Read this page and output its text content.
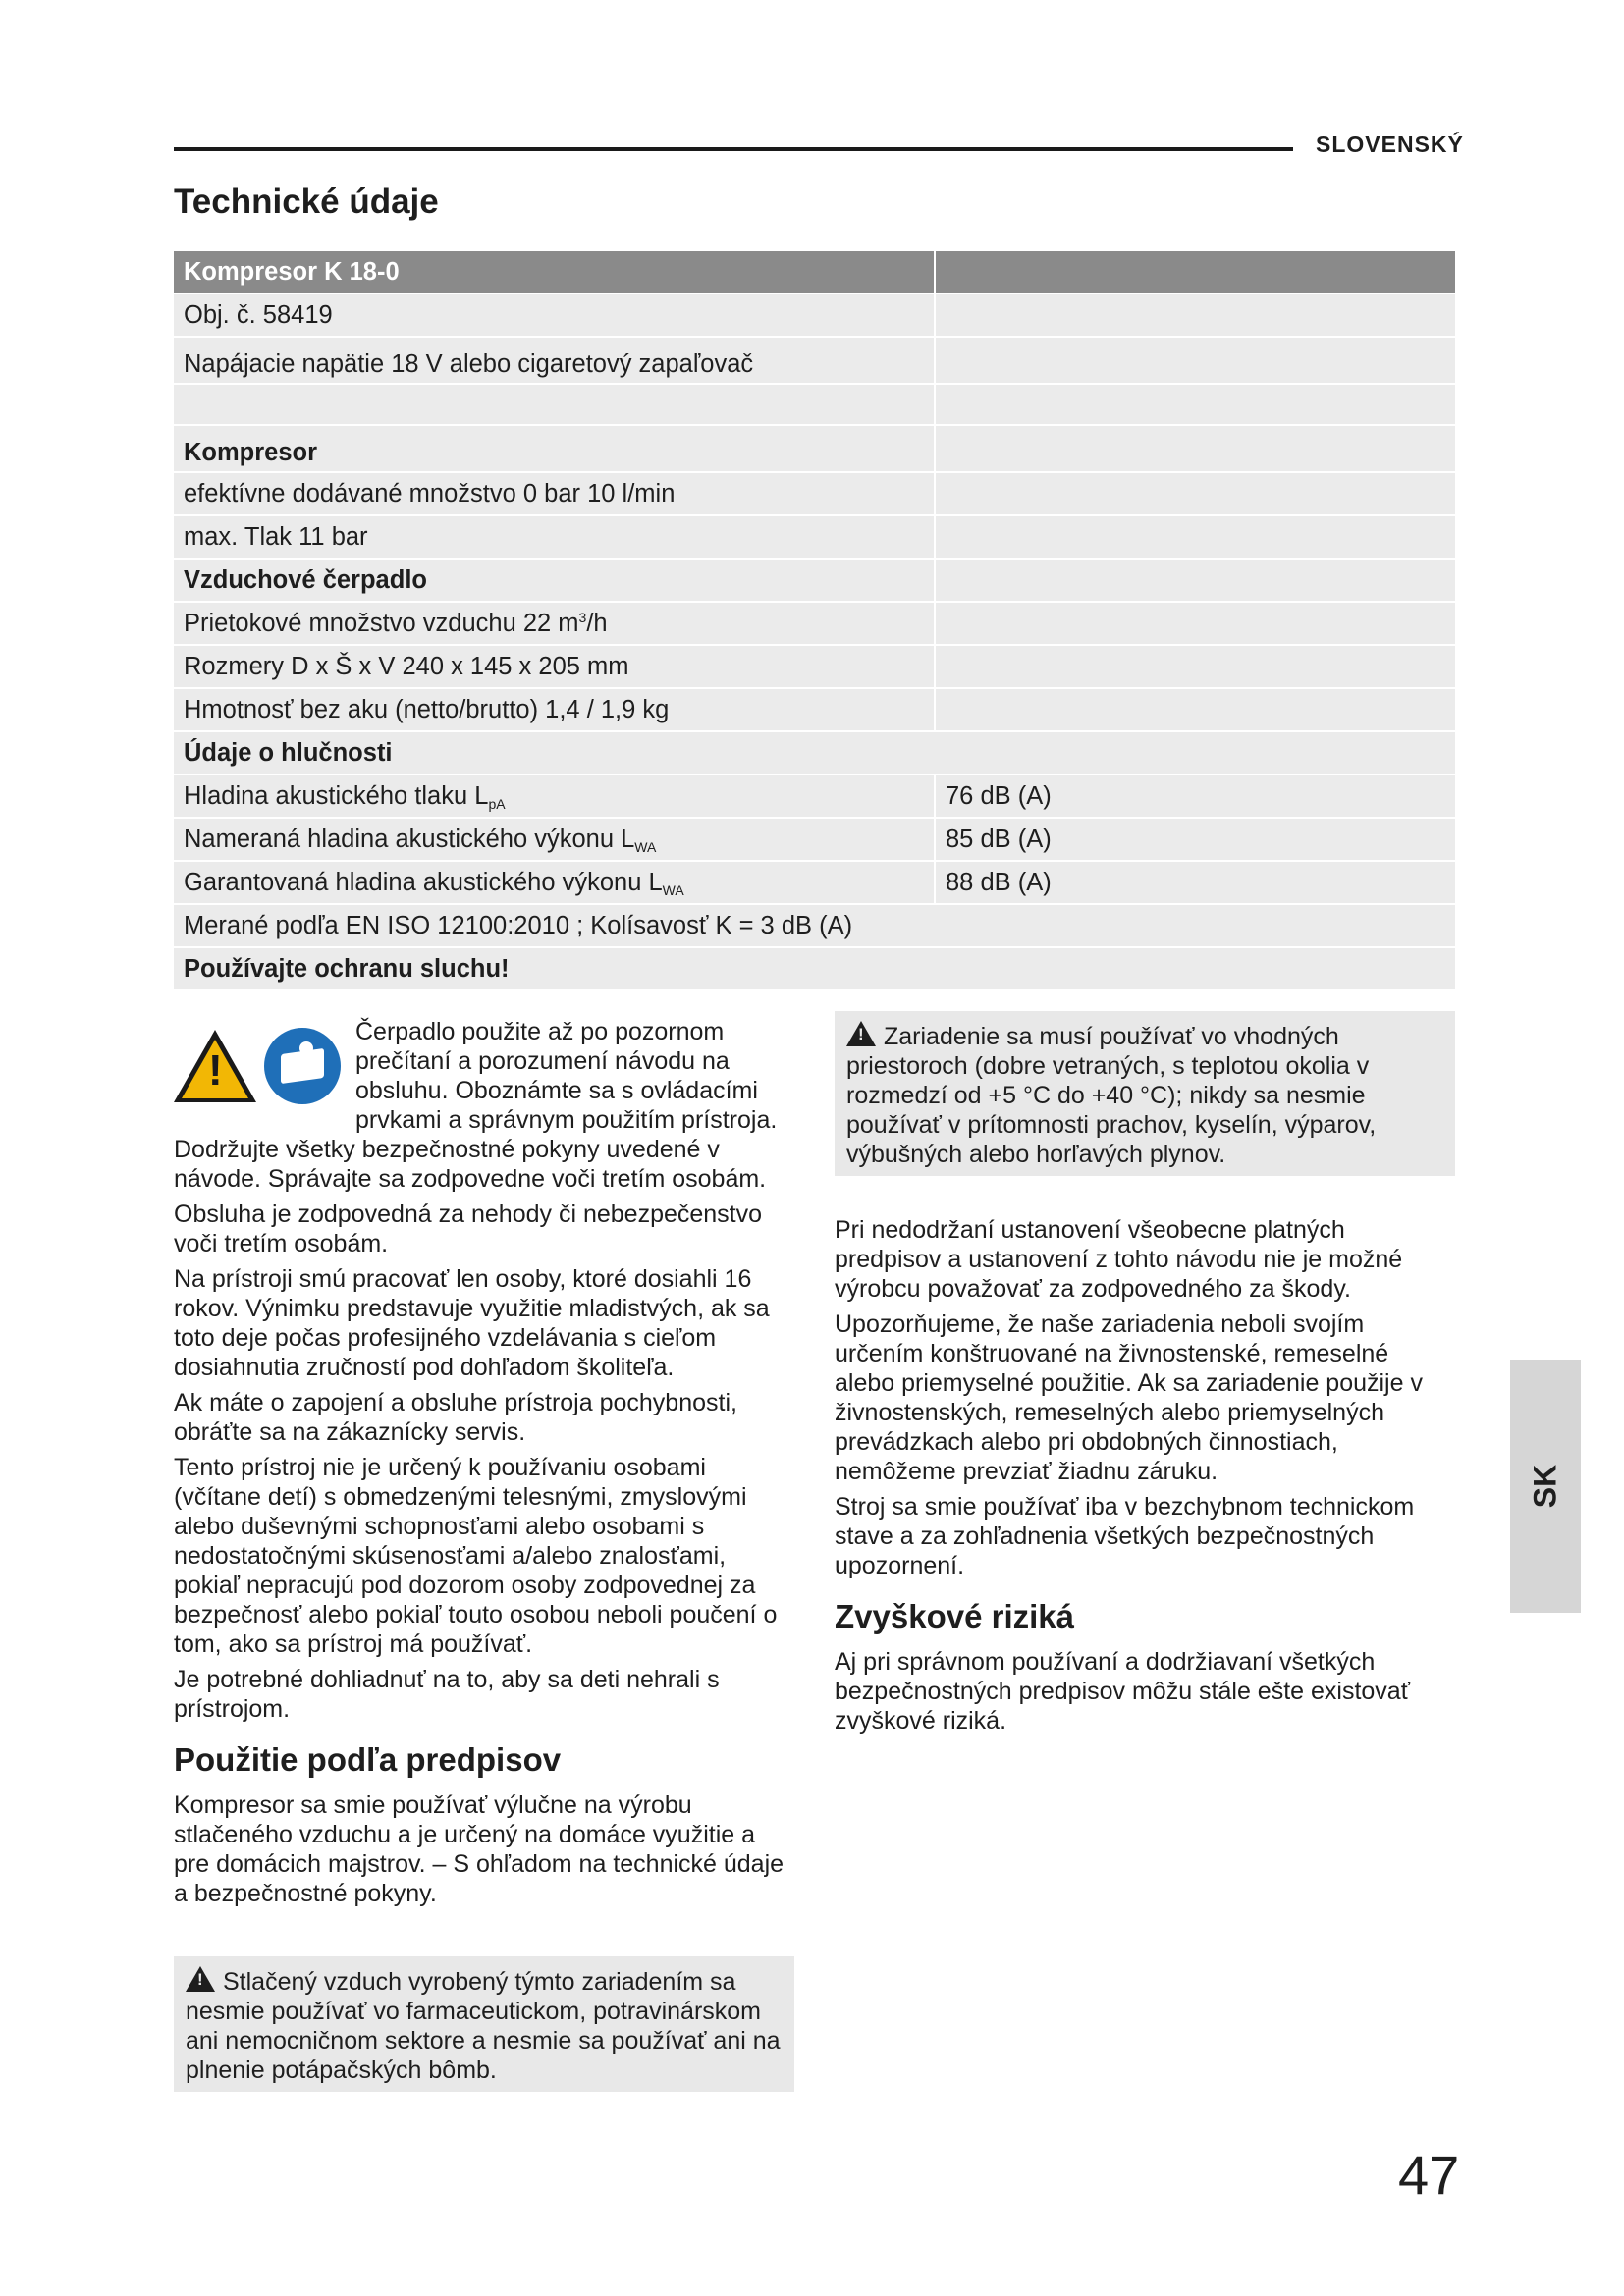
SLOVENSKÝ
Technické údaje
Kompresor K 18-0
Obj. č. 58419
Napájacie napätie 18 V alebo cigaretový zapaľovač
Kompresor
efektívne dodávané množstvo 0 bar 10 l/min
max. Tlak 11 bar
Vzduchové čerpadlo
Prietokové množstvo vzduchu 22 $m^3/h$
Rozmery D x Š x V 240 x 145 x 205 mm
Hmotnosť bez aku (netto/brutto) 1,4 / 1,9 kg
Údaje o hlučnosti
Hladina akustického tlaku $L_{pA}$	76 dB (A)
Nameraná hladina akustického výkonu $L_{WA}$	85 dB (A)
Garantovaná hladina akustického výkonu $L_{WA}$	88 dB (A)
Merané podľa EN ISO 12100:2010 ; Kolísavosť K = 3 dB (A)
Používajte ochranu sluchu!
!

Čerpadlo použite až po pozornom prečítaní a porozumení návodu na obsluhu. Oboznámte sa s ovládacími prvkami a správnym použitím prístroja. Dodržujte všetky bezpečnostné pokyny uvedené v návode. Správajte sa zodpovedne voči tretím osobám.

Obsluha je zodpovedná za nehody či nebezpečenstvo voči tretím osobám.

Na prístroji smú pracovať len osoby, ktoré dosiahli 16 rokov. Výnimku predstavuje využitie mladistvých, ak sa toto deje počas profesijného vzdelávania s cieľom dosiahnutia zručností pod dohľadom školiteľa.

Ak máte o zapojení a obsluhe prístroja pochybnosti, obráťte sa na zákaznícky servis.

Tento prístroj nie je určený k používaniu osobami (včítane detí) s obmedzenými telesnými, zmyslovými alebo duševnými schopnosťami alebo osobami s nedostatočnými skúsenosťami a/alebo znalosťami, pokiaľ nepracujú pod dozorom osoby zodpovednej za bezpečnosť alebo pokiaľ touto osobou neboli poučení o tom, ako sa prístroj má používať.

Je potrebné dohliadnuť na to, aby sa deti nehrali s prístrojom.

Použitie podľa predpisov

Kompresor sa smie používať výlučne na výrobu stlačeného vzduchu a je určený na domáce využitie a pre domácich majstrov. – S ohľadom na technické údaje a bezpečnostné pokyny.

!Stlačený vzduch vyrobený týmto zariadením sa nesmie používať vo farmaceutickom, potravinárskom ani nemocničnom sektore a nesmie sa používať ani na plnenie potápačských bômb.
!Zariadenie sa musí používať vo vhodných priestoroch (dobre vetraných, s teplotou okolia v rozmedzí od +5 °C do +40 °C); nikdy sa nesmie používať v prítomnosti prachov, kyselín, výparov, výbušných alebo horľavých plynov.

Pri nedodržaní ustanovení všeobecne platných predpisov a ustanovení z tohto návodu nie je možné výrobcu považovať za zodpovedného za škody.

Upozorňujeme, že naše zariadenia neboli svojím určením konštruované na živnostenské, remeselné alebo priemyselné použitie. Ak sa zariadenie použije v živnostenských, remeselných alebo priemyselných prevádzkach alebo pri obdobných činnostiach, nemôžeme prevziať žiadnu záruku.

Stroj sa smie používať iba v bezchybnom technickom stave a za zohľadnenia všetkých bezpečnostných upozornení.

Zvyškové riziká

Aj pri správnom používaní a dodržiavaní všetkých bezpečnostných predpisov môžu stále ešte existovať zvyškové riziká.

SK
47
